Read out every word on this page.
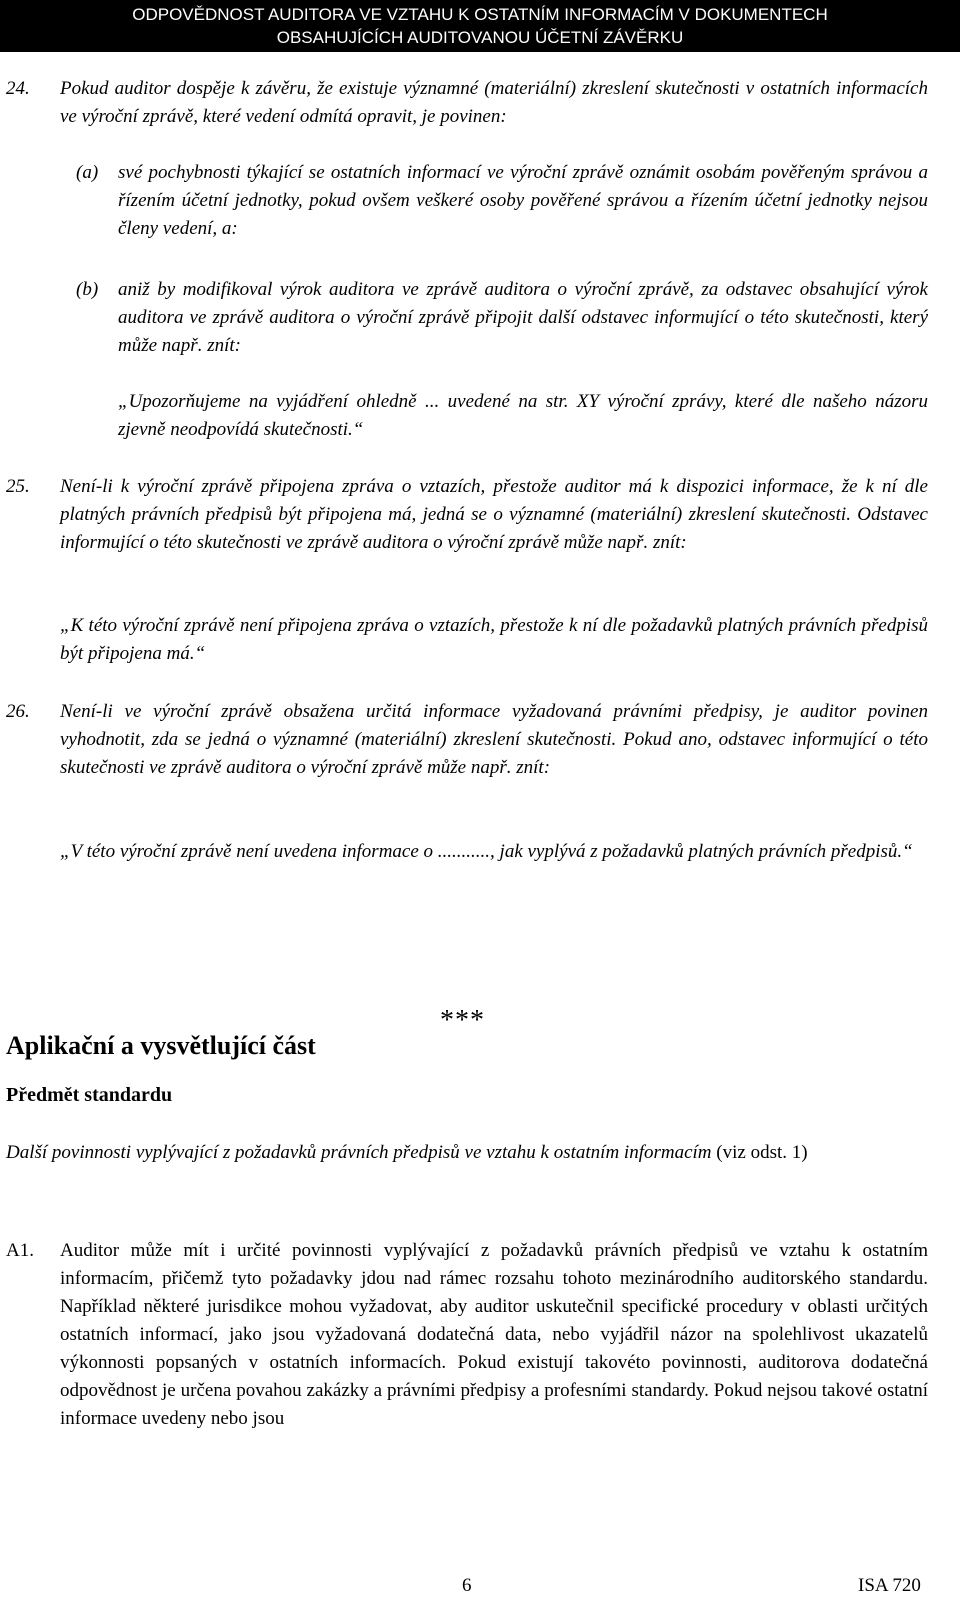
ODPOVĚDNOST AUDITORA VE VZTAHU K OSTATNÍM INFORMACÍM V DOKUMENTECH
OBSAHUJÍCÍCH AUDITOVANOU ÚČETNÍ ZÁVĚRKU
24. Pokud auditor dospěje k závěru, že existuje významné (materiální) zkreslení skutečnosti v ostatních informacích ve výroční zprávě, které vedení odmítá opravit, je povinen:
(a) své pochybnosti týkající se ostatních informací ve výroční zprávě oznámit osobám pověřeným správou a řízením účetní jednotky, pokud ovšem veškeré osoby pověřené správou a řízením účetní jednotky nejsou členy vedení, a:
(b) aniž by modifikoval výrok auditora ve zprávě auditora o výroční zprávě, za odstavec obsahující výrok auditora ve zprávě auditora o výroční zprávě připojit další odstavec informující o této skutečnosti, který může např. znít:
„Upozorňujeme na vyjádření ohledně ... uvedené na str. XY výroční zprávy, které dle našeho názoru zjevně neodpovídá skutečnosti.“
25. Není-li k výroční zprávě připojena zpráva o vztazích, přestože auditor má k dispozici informace, že k ní dle platných právních předpisů být připojena má, jedná se o významné (materiální) zkreslení skutečnosti. Odstavec informující o této skutečnosti ve zprávě auditora o výroční zprávě může např. znít:
„K této výroční zprávě není připojena zpráva o vztazích, přestože k ní dle požadavků platných právních předpisů být připojena má.“
26. Není-li ve výroční zprávě obsažena určitá informace vyžadovaná právními předpisy, je auditor povinen vyhodnotit, zda se jedná o významné (materiální) zkreslení skutečnosti. Pokud ano, odstavec informující o této skutečnosti ve zprávě auditora o výroční zprávě může např. znít:
„V této výroční zprávě není uvedena informace o ..........., jak vyplývá z požadavků platných právních předpisů.“
***
Aplikační a vysvětlující část
Předmět standardu
Další povinnosti vyplývající z požadavků právních předpisů ve vztahu k ostatním informacím (viz odst. 1)
A1. Auditor může mít i určité povinnosti vyplývající z požadavků právních předpisů ve vztahu k ostatním informacím, přičemž tyto požadavky jdou nad rámec rozsahu tohoto mezinárodního auditorského standardu. Například některé jurisdikce mohou vyžadovat, aby auditor uskutečnil specifické procedury v oblasti určitých ostatních informací, jako jsou vyžadovaná dodatečná data, nebo vyjádřil názor na spolehlivost ukazatelů výkonnosti popsaných v ostatních informacích. Pokud existují takovéto povinnosti, auditorova dodatečná odpovědnost je určena povahou zakázky a právními předpisy a profesními standardy. Pokud nejsou takové ostatní informace uvedeny nebo jsou
6	ISA 720
